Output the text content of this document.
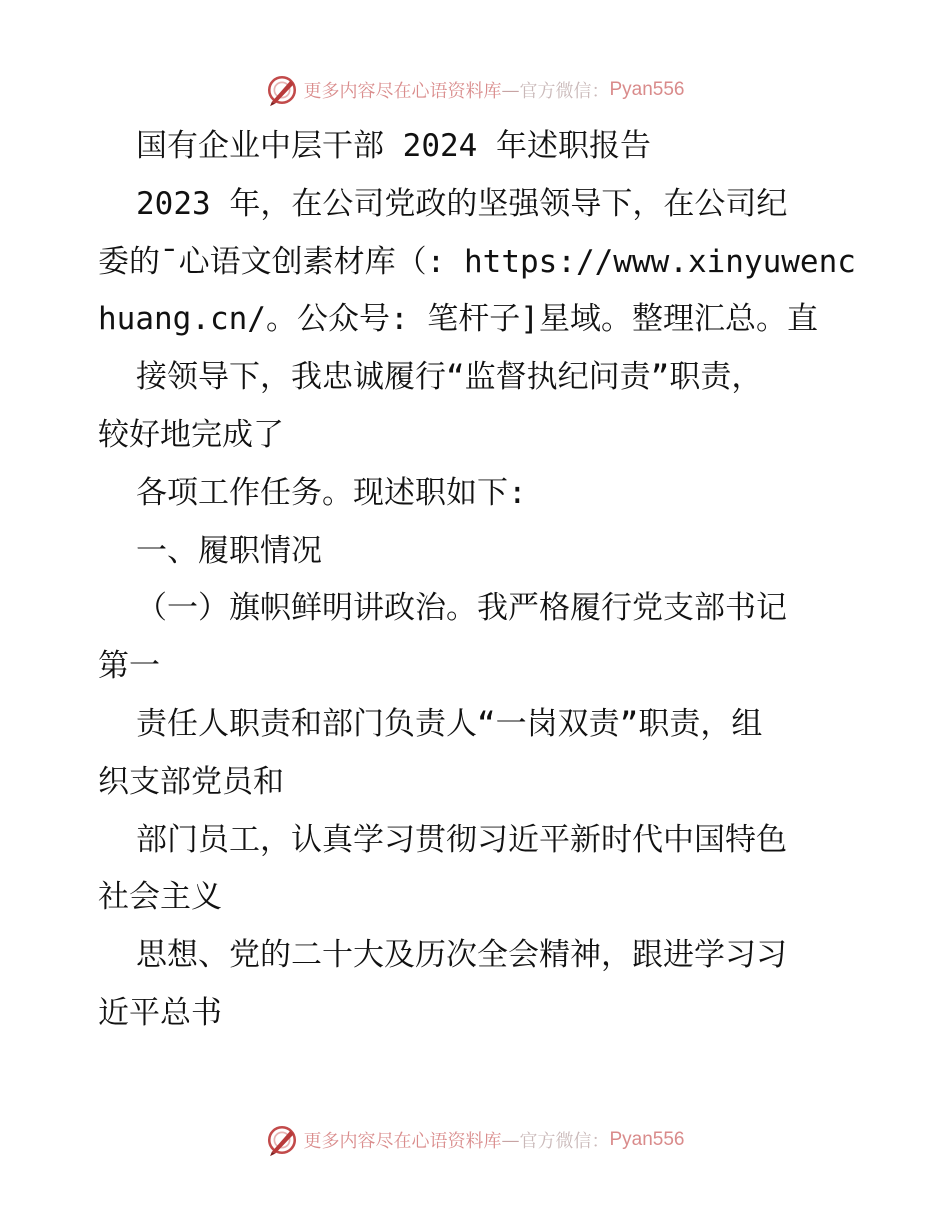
更多内容尽在心语资料库 — 官方微信： Pyan556
国有企业中层干部 2024 年述职报告
2023 年，在公司党政的坚强领导下，在公司纪
委的¯心语文创素材库（: https://www.xinyuwenc
huang.cn/。公众号: 笔杆子]星域。整理汇总。直
接领导下，我忠诚履行“监督执纪问责”职责，
较好地完成了
各项工作任务。现述职如下:
一、履职情况
（一）旗帜鲜明讲政治。我严格履行党支部书记
第一
责任人职责和部门负责人“一岗双责”职责，组
织支部党员和
部门员工，认真学习贯彻习近平新时代中国特色
社会主义
思想、党的二十大及历次全会精神，跟进学习习
近平总书
更多内容尽在心语资料库 — 官方微信： Pyan556
